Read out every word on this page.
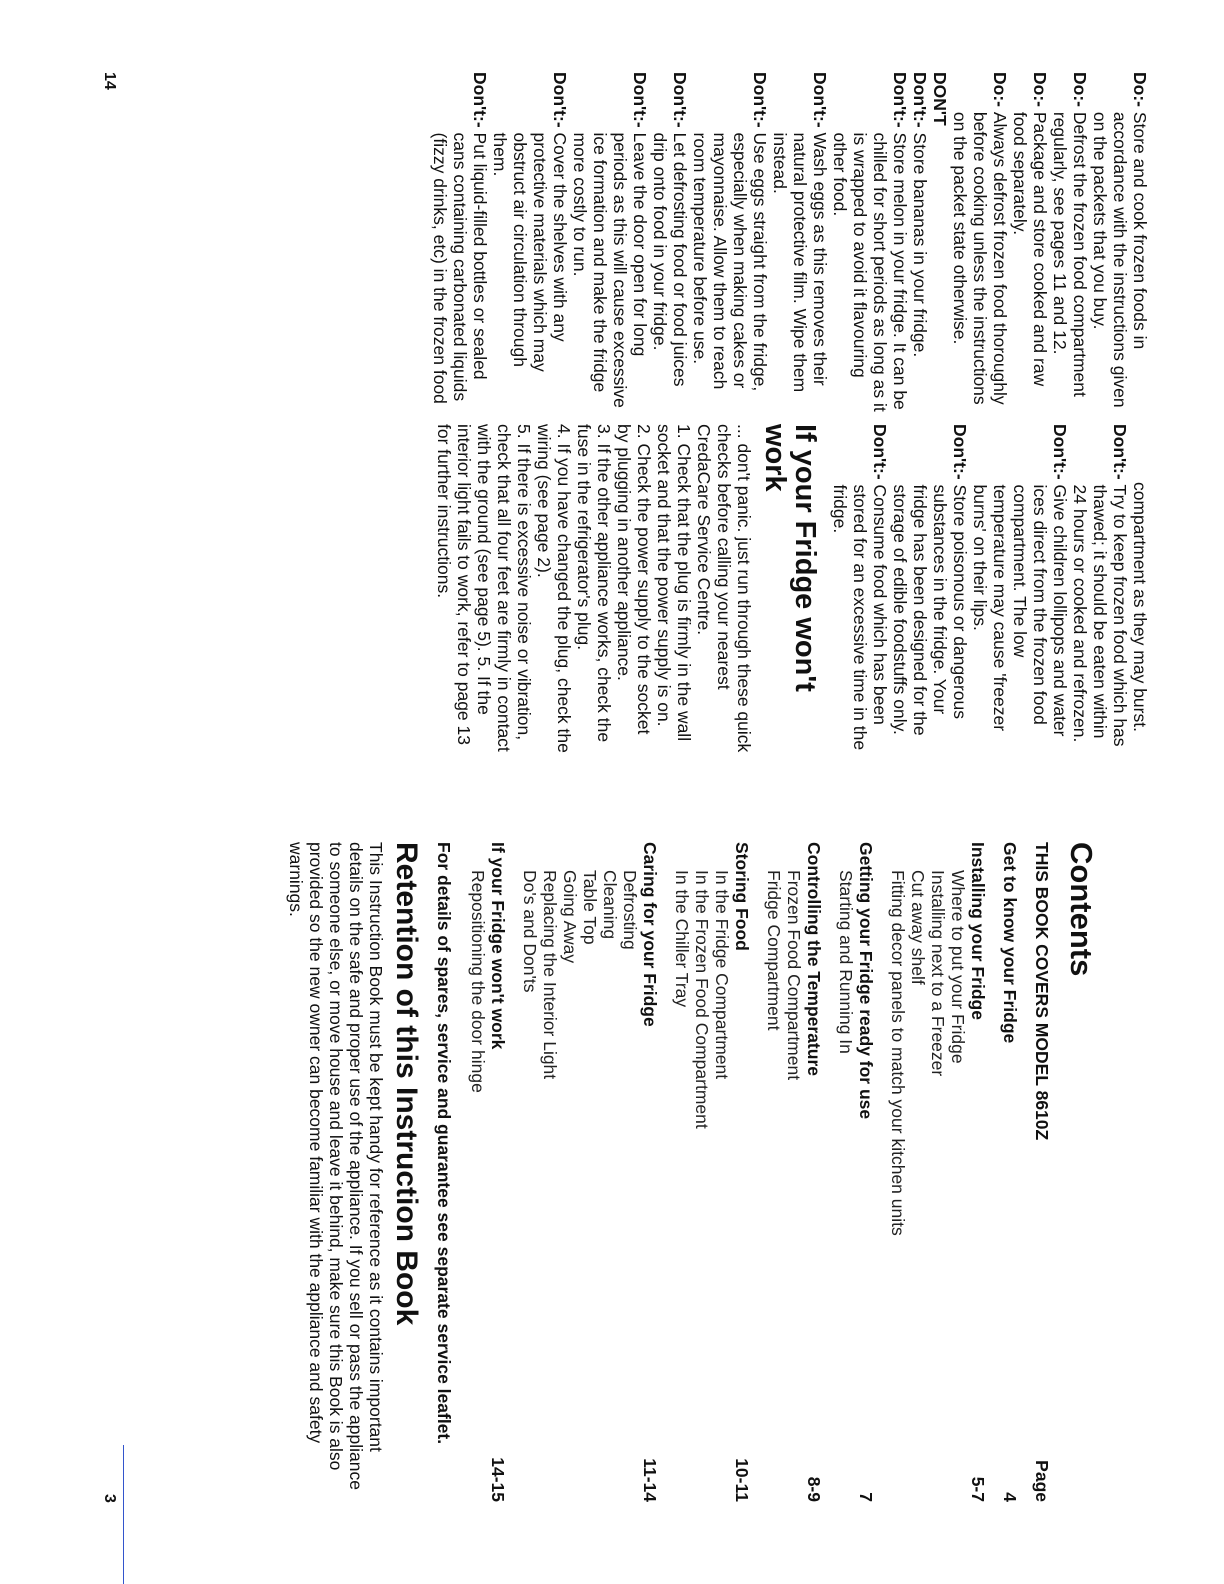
Do:-

Store and cook frozen foods in accordance with the instructions given on the packets that you buy.
Do:-

Defrost the frozen food compartment regularly, see pages 11 and 12.
Do:-

Package and store cooked and raw food separately.
Do:-

Always defrost frozen food thoroughly before cooking unless the instructions on the packet state otherwise.
DON'T
Don't:-

Store bananas in your fridge.
Don't:-

Store melon in your fridge. It can be chilled for short periods as long as it is wrapped to avoid it flavouring other food.
Don't:-

Wash eggs as this removes their natural protective film. Wipe them instead.
Don't:-

Use eggs straight from the fridge, especially when making cakes or mayonnaise. Allow them to reach room temperature before use.
Don't:-

Let defrosting food or food juices drip onto food in your fridge.
Don't:-

Leave the door open for long periods as this will cause excessive ice formation and make the fridge more costly to run.
Don't:-

Cover the shelves with any protective materials which may obstruct air circulation through them.
Don't:-

Put liquid-filled bottles or sealed cans containing carbonated liquids (fizzy drinks, etc) in the frozen food
compartment as they may burst.
Don't:-

Try to keep frozen food which has thawed; it should be eaten within 24 hours or cooked and refrozen.
Don't:-

Give children lollipops and water ices direct from the frozen food compartment. The low temperature may cause 'freezer burns' on their lips.
Don't:-

Store poisonous or dangerous substances in the fridge. Your fridge has been designed for the storage of edible foodstuffs only.
Don't:-

Consume food which has been stored for an excessive time in the fridge.
If your Fridge won't work
... don't panic. just run through these quick checks before calling your nearest CredaCare Service Centre.
1. Check that the plug is firmly in the wall socket and that the power supply is on.
2. Check the power supply to the socket by plugging in another appliance.
3. If the other appliance works, check the fuse in the refrigerator's plug.
4. If you have changed the plug, check the wiring (see page 2).
5. If there is excessive noise or vibration, check that all four feet are firmly in contact with the ground (see page 5). 5. If the interior light fails to work, refer to page 13 for further instructions.
Contents
THIS BOOK COVERS MODEL 8610Z
Page
Get to know your Fridge
4
Installing your Fridge
5-7
Where to put your Fridge
Installing next to a Freezer
Cut away shelf
Fitting decor panels to match your kitchen units
Getting your Fridge ready for use
7
Starting and Running In
Controlling the Temperature
8-9
Frozen Food Compartment
Fridge Compartment
Storing Food
10-11
In the Fridge Compartment
In the Frozen Food Compartment
In the Chiller Tray
Caring for your Fridge
11-14
Defrosting
Cleaning
Table Top
Going Away
Replacing the Interior Light
Do's and Don'ts
If your Fridge won't work
14-15
Repositioning the door hinge
For details of spares, service and guarantee see separate service leaflet.
Retention of this Instruction Book
This Instruction Book must be kept handy for reference as it contains important details on the safe and proper use of the appliance. If you sell or pass the appliance to someone else, or move house and leave it behind, make sure this Book is also provided so the new owner can become familiar with the appliance and safety warnings.
14
3
